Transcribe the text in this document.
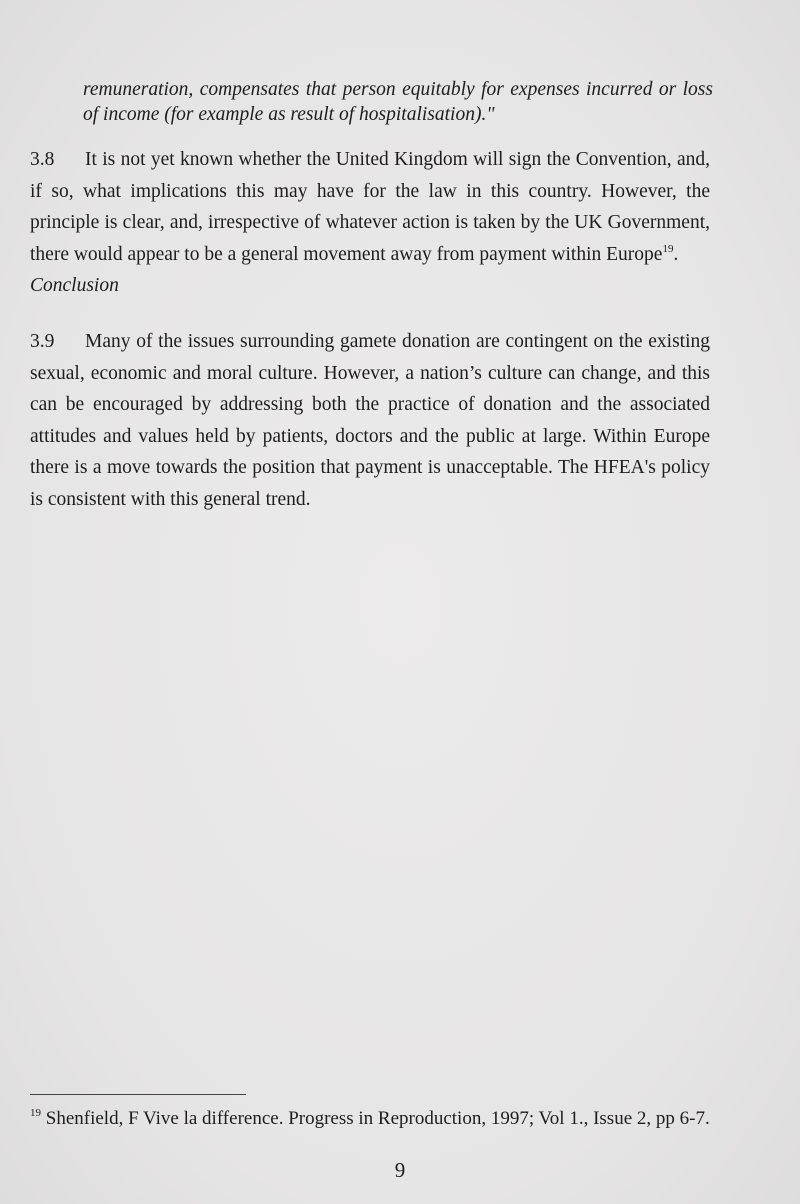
remuneration, compensates that person equitably for expenses incurred or loss of income (for example as result of hospitalisation)."
3.8 It is not yet known whether the United Kingdom will sign the Convention, and, if so, what implications this may have for the law in this country. However, the principle is clear, and, irrespective of whatever action is taken by the UK Government, there would appear to be a general movement away from payment within Europe$^{19}$.
Conclusion
3.9 Many of the issues surrounding gamete donation are contingent on the existing sexual, economic and moral culture. However, a nation’s culture can change, and this can be encouraged by addressing both the practice of donation and the associated attitudes and values held by patients, doctors and the public at large. Within Europe there is a move towards the position that payment is unacceptable. The HFEA's policy is consistent with this general trend.
$^{19}$ Shenfield, F Vive la difference. Progress in Reproduction, 1997; Vol 1., Issue 2, pp 6-7.
9
